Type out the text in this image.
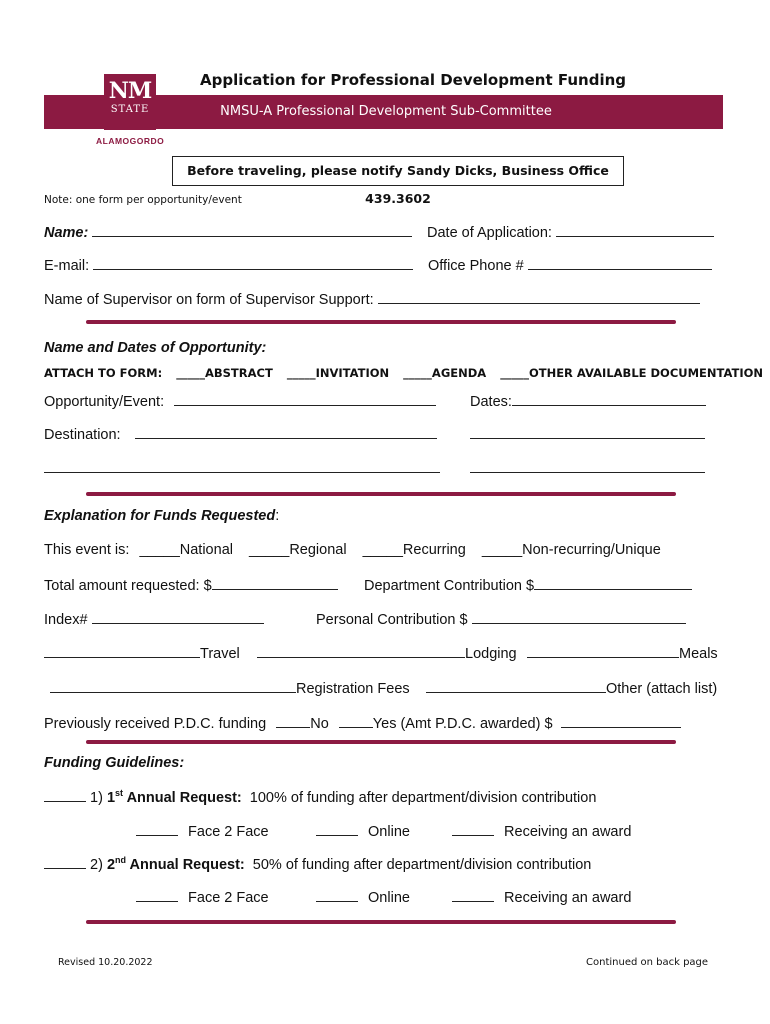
NM
STATE
ALAMOGORDO
NMSU-A Professional Development Sub-Committee
Application for Professional Development Funding
Before traveling, please notify Sandy Dicks, Business Office 439.3602
Note: one form per opportunity/event
Name:	Date of Application:
E-mail:	Office Phone #
Name of Supervisor on form of Supervisor Support:
Name and Dates of Opportunity:
ATTACH TO FORM: _____ABSTRACT _____INVITATION _____AGENDA _____OTHER AVAILABLE DOCUMENTATION
Opportunity/Event:	Dates:
Destination:
Explanation for Funds Requested:
This event is: _____National _____Regional _____Recurring _____Non-recurring/Unique
Total amount requested: $	Department Contribution $
Index#	Personal Contribution $
Travel	Lodging	Meals
Registration Fees	Other (attach list)
Previously received P.D.C. funding	No	Yes (Amt P.D.C. awarded) $
Funding Guidelines:
1) 1st Annual Request: 100% of funding after department/division contribution
Face 2 Face	Online	Receiving an award
2) 2nd Annual Request: 50% of funding after department/division contribution
Face 2 Face	Online	Receiving an award
Revised 10.20.2022	Continued on back page
